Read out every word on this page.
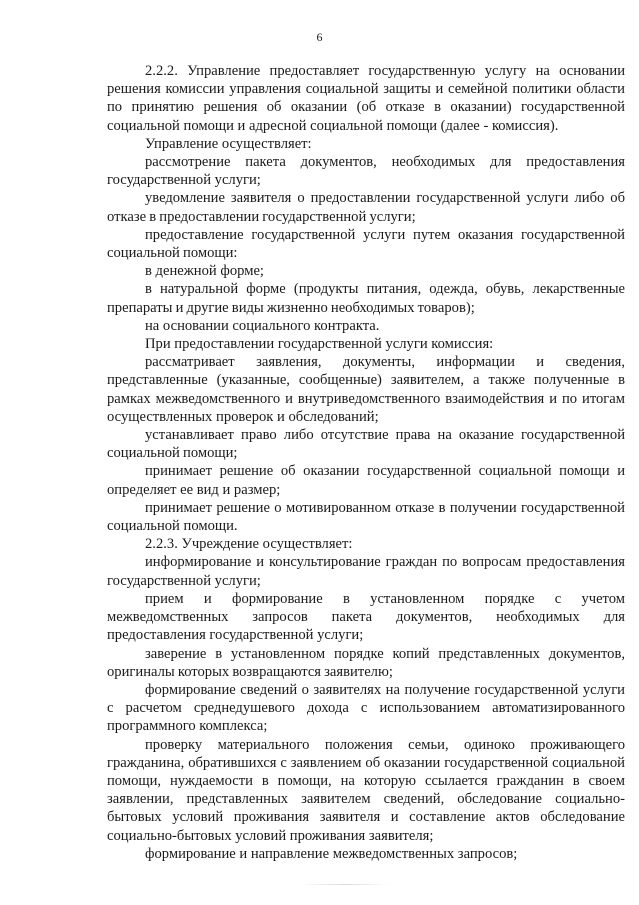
6

2.2.2. Управление предоставляет государственную услугу на основании решения комиссии управления социальной защиты и семейной политики области по принятию решения об оказании (об отказе в оказании) государственной социальной помощи и адресной социальной помощи (далее - комиссия).

Управление осуществляет:

рассмотрение пакета документов, необходимых для предоставления государственной услуги;

уведомление заявителя о предоставлении государственной услуги либо об отказе в предоставлении государственной услуги;

предоставление государственной услуги путем оказания государственной социальной помощи:

в денежной форме;

в натуральной форме (продукты питания, одежда, обувь, лекарственные препараты и другие виды жизненно необходимых товаров);

на основании социального контракта.

При предоставлении государственной услуги комиссия:

рассматривает заявления, документы, информации и сведения, представленные (указанные, сообщенные) заявителем, а также полученные в рамках межведомственного и внутриведомственного взаимодействия и по итогам осуществленных проверок и обследований;

устанавливает право либо отсутствие права на оказание государственной социальной помощи;

принимает решение об оказании государственной социальной помощи и определяет ее вид и размер;

принимает решение о мотивированном отказе в получении государственной социальной помощи.

2.2.3. Учреждение осуществляет:

информирование и консультирование граждан по вопросам предоставления государственной услуги;

прием и формирование в установленном порядке с учетом межведомственных запросов пакета документов, необходимых для предоставления государственной услуги;

заверение в установленном порядке копий представленных документов, оригиналы которых возвращаются заявителю;

формирование сведений о заявителях на получение государственной услуги с расчетом среднедушевого дохода с использованием автоматизированного программного комплекса;

проверку материального положения семьи, одиноко проживающего гражданина, обратившихся с заявлением об оказании государственной социальной помощи, нуждаемости в помощи, на которую ссылается гражданин в своем заявлении, представленных заявителем сведений, обследование социально-бытовых условий проживания заявителя и составление актов обследование социально-бытовых условий проживания заявителя;

формирование и направление межведомственных запросов;
